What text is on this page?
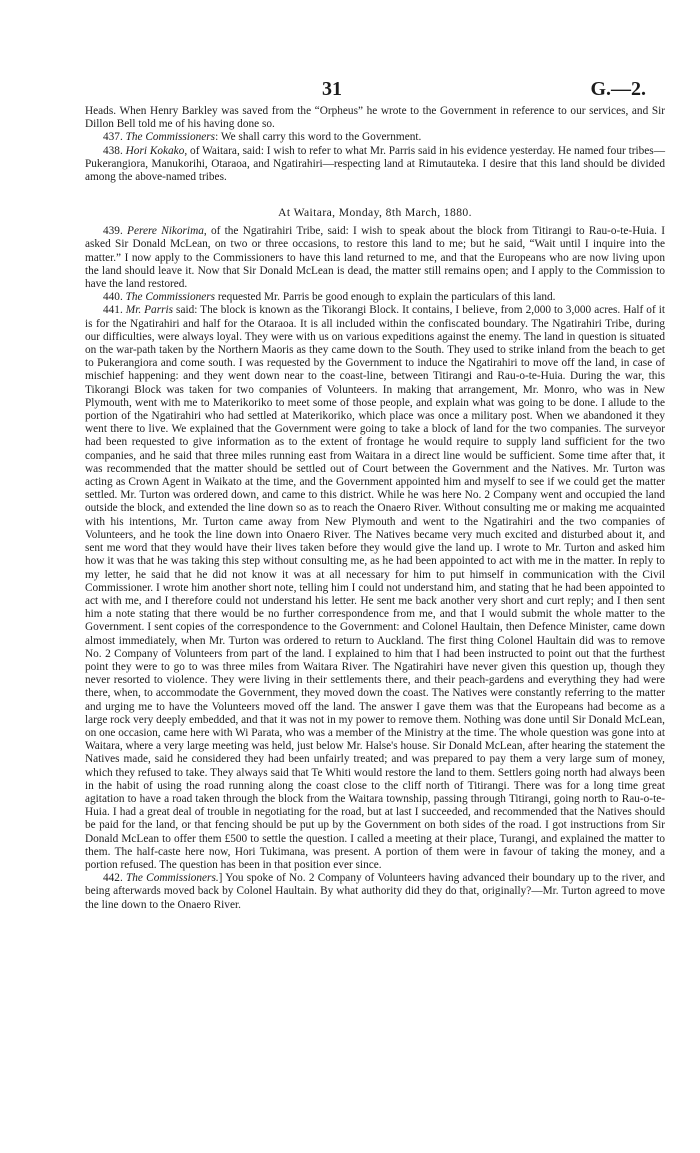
31	G.—2.

Heads. When Henry Barkley was saved from the “Orpheus” he wrote to the Government in reference to our services, and Sir Dillon Bell told me of his having done so.

437. The Commissioners: We shall carry this word to the Government.

438. Hori Kokako, of Waitara, said: I wish to refer to what Mr. Parris said in his evidence yesterday. He named four tribes—Pukerangiora, Manukorihi, Otaraoa, and Ngatirahiri—respecting land at Rimutauteka. I desire that this land should be divided among the above-named tribes.

At Waitara, Monday, 8th March, 1880.

439. Perere Nikorima, of the Ngatirahiri Tribe, said: I wish to speak about the block from Titirangi to Rau-o-te-Huia. I asked Sir Donald McLean, on two or three occasions, to restore this land to me; but he said, “Wait until I inquire into the matter.” I now apply to the Commissioners to have this land returned to me, and that the Europeans who are now living upon the land should leave it. Now that Sir Donald McLean is dead, the matter still remains open; and I apply to the Commission to have the land restored.

440. The Commissioners requested Mr. Parris be good enough to explain the particulars of this land.

441. Mr. Parris said: The block is known as the Tikorangi Block. It contains, I believe, from 2,000 to 3,000 acres. Half of it is for the Ngatirahiri and half for the Otaraoa. It is all included within the confiscated boundary. The Ngatirahiri Tribe, during our difficulties, were always loyal. They were with us on various expeditions against the enemy. The land in question is situated on the war-path taken by the Northern Maoris as they came down to the South. They used to strike inland from the beach to get to Pukerangiora and come south. I was requested by the Government to induce the Ngatirahiri to move off the land, in case of mischief happening: and they went down near to the coast-line, between Titirangi and Rau-o-te-Huia. During the war, this Tikorangi Block was taken for two companies of Volunteers. In making that arrangement, Mr. Monro, who was in New Plymouth, went with me to Materikoriko to meet some of those people, and explain what was going to be done. I allude to the portion of the Ngatirahiri who had settled at Materikoriko, which place was once a military post. When we abandoned it they went there to live. We explained that the Government were going to take a block of land for the two companies. The surveyor had been requested to give information as to the extent of frontage he would require to supply land sufficient for the two companies, and he said that three miles running east from Waitara in a direct line would be sufficient. Some time after that, it was recommended that the matter should be settled out of Court between the Government and the Natives. Mr. Turton was acting as Crown Agent in Waikato at the time, and the Government appointed him and myself to see if we could get the matter settled. Mr. Turton was ordered down, and came to this district. While he was here No. 2 Company went and occupied the land outside the block, and extended the line down so as to reach the Onaero River. Without consulting me or making me acquainted with his intentions, Mr. Turton came away from New Plymouth and went to the Ngatirahiri and the two companies of Volunteers, and he took the line down into Onaero River. The Natives became very much excited and disturbed about it, and sent me word that they would have their lives taken before they would give the land up. I wrote to Mr. Turton and asked him how it was that he was taking this step without consulting me, as he had been appointed to act with me in the matter. In reply to my letter, he said that he did not know it was at all necessary for him to put himself in communication with the Civil Commissioner. I wrote him another short note, telling him I could not understand him, and stating that he had been appointed to act with me, and I therefore could not understand his letter. He sent me back another very short and curt reply; and I then sent him a note stating that there would be no further correspondence from me, and that I would submit the whole matter to the Government. I sent copies of the correspondence to the Government: and Colonel Haultain, then Defence Minister, came down almost immediately, when Mr. Turton was ordered to return to Auckland. The first thing Colonel Haultain did was to remove No. 2 Company of Volunteers from part of the land. I explained to him that I had been instructed to point out that the furthest point they were to go to was three miles from Waitara River. The Ngatirahiri have never given this question up, though they never resorted to violence. They were living in their settlements there, and their peach-gardens and everything they had were there, when, to accommodate the Government, they moved down the coast. The Natives were constantly referring to the matter and urging me to have the Volunteers moved off the land. The answer I gave them was that the Europeans had become as a large rock very deeply embedded, and that it was not in my power to remove them. Nothing was done until Sir Donald McLean, on one occasion, came here with Wi Parata, who was a member of the Ministry at the time. The whole question was gone into at Waitara, where a very large meeting was held, just below Mr. Halse's house. Sir Donald McLean, after hearing the statement the Natives made, said he considered they had been unfairly treated; and was prepared to pay them a very large sum of money, which they refused to take. They always said that Te Whiti would restore the land to them. Settlers going north had always been in the habit of using the road running along the coast close to the cliff north of Titirangi. There was for a long time great agitation to have a road taken through the block from the Waitara township, passing through Titirangi, going north to Rau-o-te-Huia. I had a great deal of trouble in negotiating for the road, but at last I succeeded, and recommended that the Natives should be paid for the land, or that fencing should be put up by the Government on both sides of the road. I got instructions from Sir Donald McLean to offer them £500 to settle the question. I called a meeting at their place, Turangi, and explained the matter to them. The half-caste here now, Hori Tukimana, was present. A portion of them were in favour of taking the money, and a portion refused. The question has been in that position ever since.

442. The Commissioners.] You spoke of No. 2 Company of Volunteers having advanced their boundary up to the river, and being afterwards moved back by Colonel Haultain. By what authority did they do that, originally?—Mr. Turton agreed to move the line down to the Onaero River.
